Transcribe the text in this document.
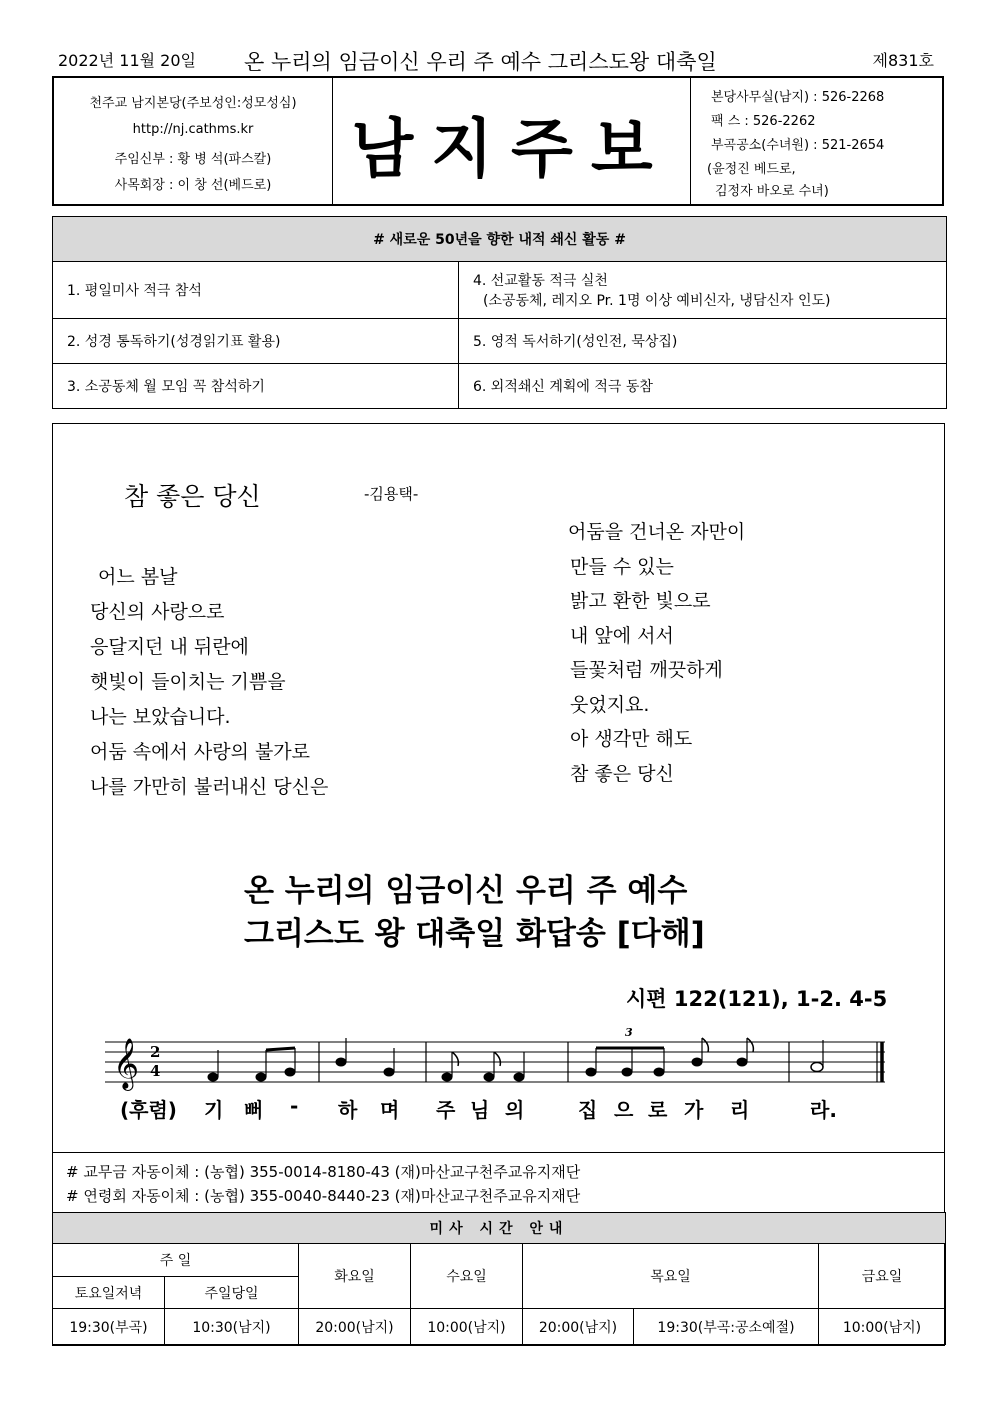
2022년 11월 20일 온 누리의 임금이신 우리 주 예수 그리스도왕 대축일	제831호
천주교 남지본당(주보성인:성모성심)
http://nj.cathms.kr
주임신부 : 황 병 석(파스칼)
사목회장 : 이 창 선(베드로)	남지주보
본당사무실(남지) : 526-2268
팩 스 : 526-2262
부곡공소(수녀원) : 521-2654
(윤정진 베드로,
김정자 바오로 수녀)
# 새로운 50년을 향한 내적 쇄신 활동 #	
1. 평일미사 적극 참석	4. 선교활동 적극 실천
(소공동체, 레지오 Pr. 1명 이상 예비신자, 냉담신자 인도)

2. 성경 통독하기(성경읽기표 활용)	5. 영적 독서하기(성인전, 묵상집)
3. 소공동체 월 모임 꼭 참석하기	6. 외적쇄신 계획에 적극 동참
참 좋은 당신	-김용택-
어느 봄날
당신의 사랑으로
응달지던 내 뒤란에
햇빛이 들이치는 기쁨을
나는 보았습니다.
어둠 속에서 사랑의 불가로
나를 가만히 불러내신 당신은
어둠을 건너온 자만이
만들 수 있는
밝고 환한 빛으로
내 앞에 서서
들꽃처럼 깨끗하게
웃었지요.
아 생각만 해도
참 좋은 당신
온 누리의 임금이신 우리 주 예수
그리스도 왕 대축일 화답송 [다해]
시편 122(121), 1-2. 4-5
𝄞 2
4
3
(후렴) 기 뻐 - 하 며 주 님 의	집 으 로 가 리	라.
# 교무금 자동이체 : (농협) 355-0014-8180-43 (재)마산교구천주교유지재단
# 연령회 자동이체 : (농협) 355-0040-8440-23 (재)마산교구천주교유지재단
미사 시간 안내						
주 일		화요일	수요일	목요일		금요일
토요일저녁	주일당일					
19:30(부곡)	10:30(남지)	20:00(남지)	10:00(남지)	20:00(남지)	19:30(부곡:공소예절)	10:00(남지)
